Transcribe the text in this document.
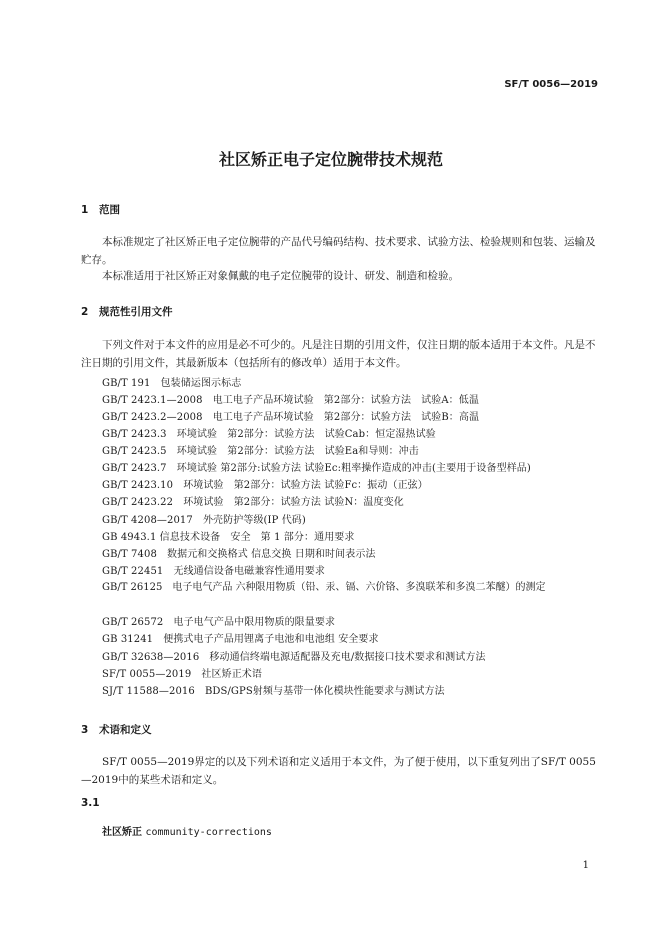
SF/T 0056—2019
社区矫正电子定位腕带技术规范
1 范围
本标准规定了社区矫正电子定位腕带的产品代号编码结构、技术要求、试验方法、检验规则和包装、运输及贮存。
本标准适用于社区矫正对象佩戴的电子定位腕带的设计、研发、制造和检验。
2 规范性引用文件
下列文件对于本文件的应用是必不可少的。凡是注日期的引用文件，仅注日期的版本适用于本文件。凡是不注日期的引用文件，其最新版本（包括所有的修改单）适用于本文件。
GB/T 191　包装储运图示标志
GB/T 2423.1—2008　电工电子产品环境试验　第2部分：试验方法　试验A：低温
GB/T 2423.2—2008　电工电子产品环境试验　第2部分：试验方法　试验B：高温
GB/T 2423.3　环境试验　第2部分：试验方法　试验Cab：恒定湿热试验
GB/T 2423.5　环境试验　第2部分：试验方法　试验Ea和导则：冲击
GB/T 2423.7　环境试验 第2部分:试验方法 试验Ec:粗率操作造成的冲击(主要用于设备型样品)
GB/T 2423.10　环境试验　第2部分：试验方法 试验Fc：振动（正弦）
GB/T 2423.22　环境试验　第2部分：试验方法 试验N：温度变化
GB/T 4208—2017　外壳防护等级(IP 代码)
GB 4943.1 信息技术设备　安全　第 1 部分：通用要求
GB/T 7408　数据元和交换格式 信息交换 日期和时间表示法
GB/T 22451　无线通信设备电磁兼容性通用要求
GB/T 26125　电子电气产品 六种限用物质（铅、汞、镉、六价铬、多溴联苯和多溴二苯醚）的测定
GB/T 26572　电子电气产品中限用物质的限量要求
GB 31241　便携式电子产品用锂离子电池和电池组 安全要求
GB/T 32638—2016　移动通信终端电源适配器及充电/数据接口技术要求和测试方法
SF/T 0055—2019　社区矫正术语
SJ/T 11588—2016　BDS/GPS射频与基带一体化模块性能要求与测试方法
3 术语和定义
SF/T 0055—2019界定的以及下列术语和定义适用于本文件，为了便于使用，以下重复列出了SF/T 0055—2019中的某些术语和定义。
3.1
社区矫正 community-corrections
1
